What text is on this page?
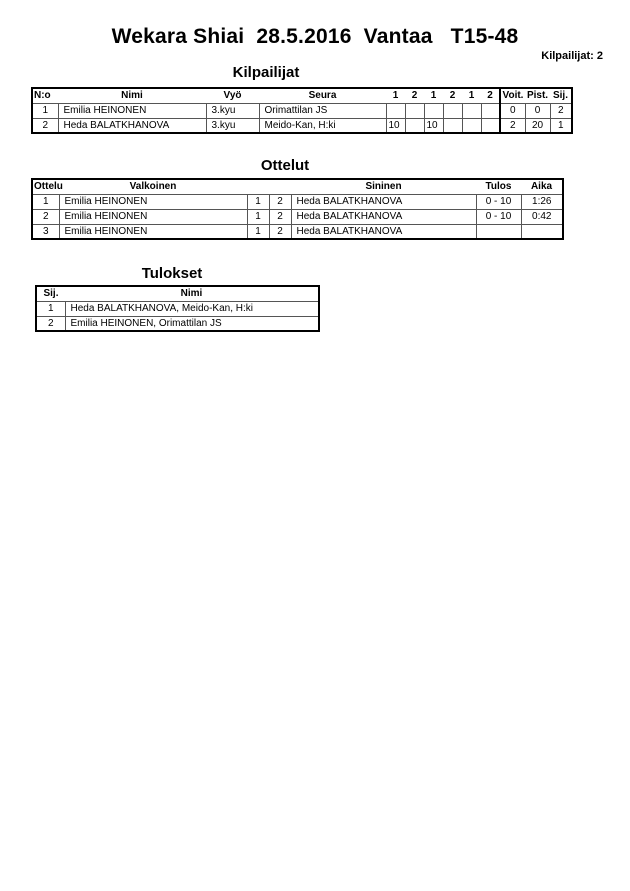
Wekara Shiai  28.5.2016  Vantaa   T15-48
Kilpailijat: 2
Kilpailijat
N:o	Nimi	Vyö	Seura	1	2	1	2	1	2	Voit.	Pist.	Sij.
1	Emilia HEINONEN	3.kyu	Orimattilan JS							0	0	2
2	Heda BALATKHANOVA	3.kyu	Meido-Kan, H:ki	10		10				2	20	1
Ottelut
Ottelu	Valkoinen			Sininen	Tulos	Aika
1	Emilia HEINONEN	1	2	Heda BALATKHANOVA	0 - 10	1:26
2	Emilia HEINONEN	1	2	Heda BALATKHANOVA	0 - 10	0:42
3	Emilia HEINONEN	1	2	Heda BALATKHANOVA		
Tulokset
Sij.	Nimi
1	Heda BALATKHANOVA, Meido-Kan, H:ki
2	Emilia HEINONEN, Orimattilan JS
